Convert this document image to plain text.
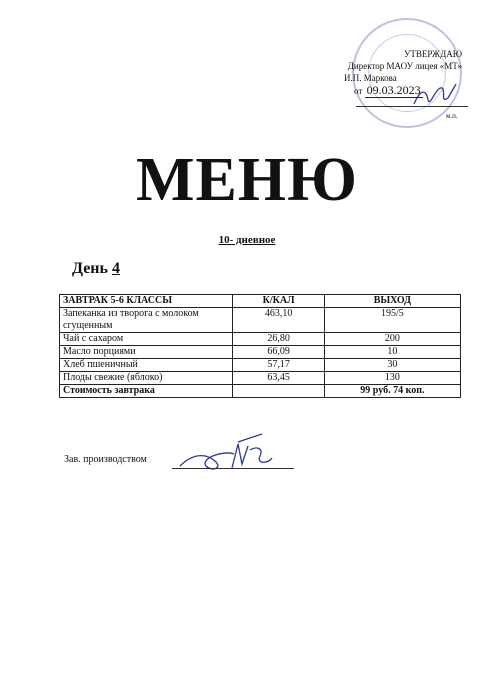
УТВЕРЖДАЮ
Директор МАОУ лицея «МТ»
И.П. Маркова
от 09.03.2023
м.п.
МЕНЮ
10- дневное
День 4
ЗАВТРАК 5-6 КЛАССЫ	К/КАЛ	ВЫХОД
Запеканка из творога с молоком сгущенным	463,10	195/5
Чай с сахаром	26,80	200
Масло порциями	66,09	10
Хлеб пшеничный	57,17	30
Плоды свежие (яблоко)	63,45	130
Стоимость завтрака		99 руб. 74 коп.
Зав. производством
